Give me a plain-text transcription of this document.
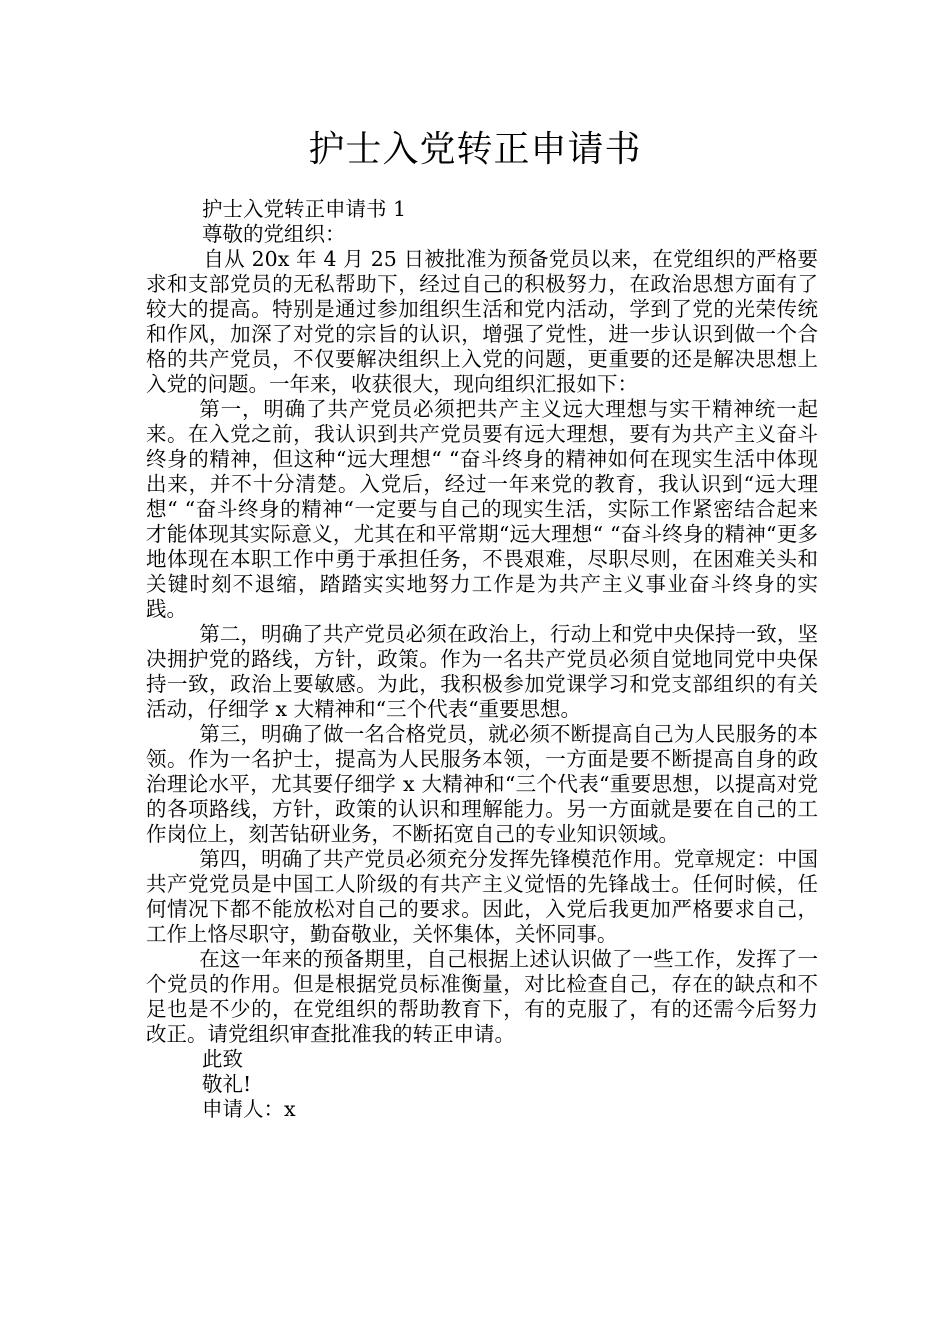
护士入党转正申请书

护士入党转正申请书 1

尊敬的党组织：

自从 20x 年 4 月 25 日被批准为预备党员以来，在党组织的严格要求和支部党员的无私帮助下，经过自己的积极努力，在政治思想方面有了较大的提高。特别是通过参加组织生活和党内活动，学到了党的光荣传统和作风，加深了对党的宗旨的认识，增强了党性，进一步认识到做一个合格的共产党员，不仅要解决组织上入党的问题，更重要的还是解决思想上入党的问题。一年来，收获很大，现向组织汇报如下：

第一，明确了共产党员必须把共产主义远大理想与实干精神统一起来。在入党之前，我认识到共产党员要有远大理想，要有为共产主义奋斗终身的精神，但这种“远大理想“ “奋斗终身的精神如何在现实生活中体现出来，并不十分清楚。入党后，经过一年来党的教育，我认识到“远大理想“ “奋斗终身的精神“一定要与自己的现实生活，实际工作紧密结合起来才能体现其实际意义，尤其在和平常期“远大理想“ “奋斗终身的精神“更多地体现在本职工作中勇于承担任务，不畏艰难，尽职尽则，在困难关头和关键时刻不退缩，踏踏实实地努力工作是为共产主义事业奋斗终身的实践。

第二，明确了共产党员必须在政治上，行动上和党中央保持一致，坚决拥护党的路线，方针，政策。作为一名共产党员必须自觉地同党中央保持一致，政治上要敏感。为此，我积极参加党课学习和党支部组织的有关活动，仔细学 x 大精神和“三个代表“重要思想。

第三，明确了做一名合格党员，就必须不断提高自己为人民服务的本领。作为一名护士，提高为人民服务本领，一方面是要不断提高自身的政治理论水平，尤其要仔细学 x 大精神和“三个代表“重要思想，以提高对党的各项路线，方针，政策的认识和理解能力。另一方面就是要在自己的工作岗位上，刻苦钻研业务，不断拓宽自己的专业知识领域。

第四，明确了共产党员必须充分发挥先锋模范作用。党章规定：中国共产党党员是中国工人阶级的有共产主义觉悟的先锋战士。任何时候，任何情况下都不能放松对自己的要求。因此，入党后我更加严格要求自己，工作上恪尽职守，勤奋敬业，关怀集体，关怀同事。

在这一年来的预备期里，自己根据上述认识做了一些工作，发挥了一个党员的作用。但是根据党员标准衡量，对比检查自己，存在的缺点和不足也是不少的，在党组织的帮助教育下，有的克服了，有的还需今后努力改正。请党组织审查批准我的转正申请。

此致

敬礼!

申请人：x
